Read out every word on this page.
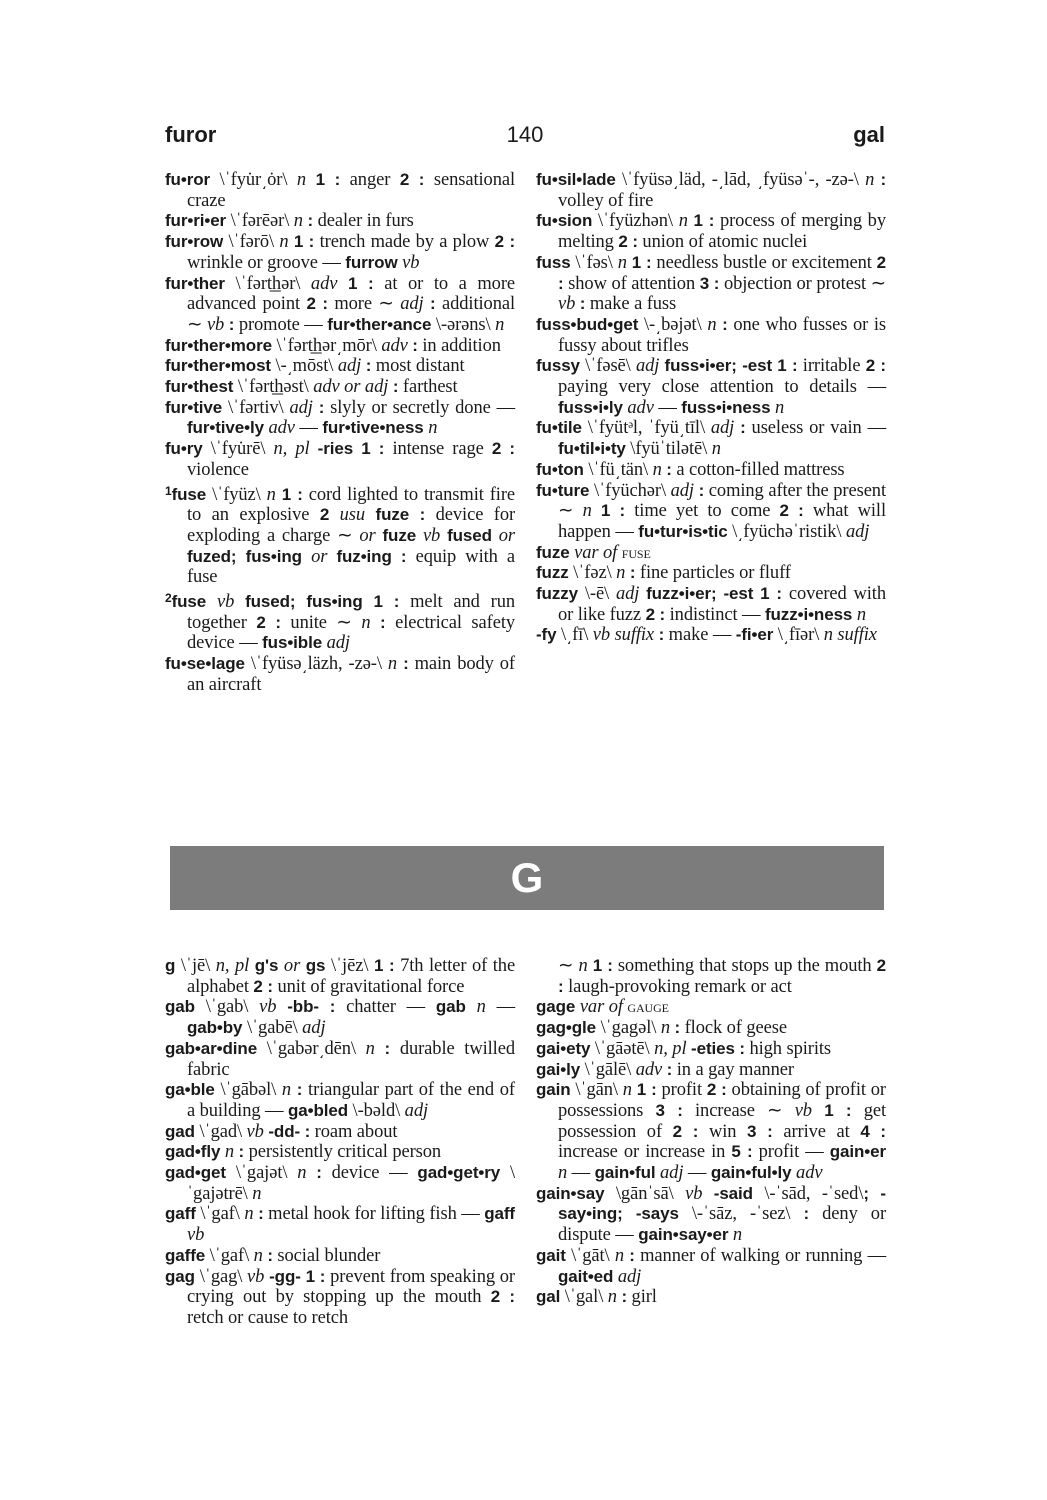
furor	140	gal

fu•ror \ˈfyu̇r͵ȯr\ n 1 : anger 2 : sensational craze

fur•ri•er \ˈfərēər\ n : dealer in furs

fur•row \ˈfərō\ n 1 : trench made by a plow 2 : wrinkle or groove — furrow vb

fur•ther \ˈfərt͟hər\ adv 1 : at or to a more advanced point 2 : more ∼ adj : additional ∼ vb : promote — fur•ther•ance \-ərəns\ n

fur•ther•more \ˈfərt͟hər͵mōr\ adv : in addition

fur•ther•most \-͵mōst\ adj : most distant

fur•thest \ˈfərt͟həst\ adv or adj : farthest

fur•tive \ˈfərtiv\ adj : slyly or secretly done — fur•tive•ly adv — fur•tive•ness n

fu•ry \ˈfyu̇rē\ n, pl -ries 1 : intense rage 2 : violence

$^1$fuse \ˈfyüz\ n 1 : cord lighted to transmit fire to an explosive 2 usu fuze : device for exploding a charge ∼ or fuze vb fused or fuzed; fus•ing or fuz•ing : equip with a fuse

$^2$fuse vb fused; fus•ing 1 : melt and run together 2 : unite ∼ n : electrical safety device — fus•ible adj

fu•se•lage \ˈfyüsə͵läzh, -zə-\ n : main body of an aircraft

fu•sil•lade \ˈfyüsə͵läd, -͵lād, ͵fyüsəˈ-, -zə-\ n : volley of fire

fu•sion \ˈfyüzhən\ n 1 : process of merging by melting 2 : union of atomic nuclei

fuss \ˈfəs\ n 1 : needless bustle or excitement 2 : show of attention 3 : objection or protest ∼ vb : make a fuss

fuss•bud•get \-͵bəjət\ n : one who fusses or is fussy about trifles

fussy \ˈfəsē\ adj fuss•i•er; -est 1 : irritable 2 : paying very close attention to details — fuss•i•ly adv — fuss•i•ness n

fu•tile \ˈfyütᵊl, ˈfyü͵tīl\ adj : useless or vain — fu•til•i•ty \fyüˈtilətē\ n

fu•ton \ˈfü͵tän\ n : a cotton-filled mattress

fu•ture \ˈfyüchər\ adj : coming after the present ∼ n 1 : time yet to come 2 : what will happen — fu•tur•is•tic \͵fyüchəˈristik\ adj

fuze var of fuse

fuzz \ˈfəz\ n : fine particles or fluff

fuzzy \-ē\ adj fuzz•i•er; -est 1 : covered with or like fuzz 2 : indistinct — fuzz•i•ness n

-fy \͵fī\ vb suffix : make — -fi•er \͵fīər\ n suffix

G

g \ˈjē\ n, pl g's or gs \ˈjēz\ 1 : 7th letter of the alphabet 2 : unit of gravitational force

gab \ˈgab\ vb -bb- : chatter — gab n — gab•by \ˈgabē\ adj

gab•ar•dine \ˈgabər͵dēn\ n : durable twilled fabric

ga•ble \ˈgābəl\ n : triangular part of the end of a building — ga•bled \-bəld\ adj

gad \ˈgad\ vb -dd- : roam about

gad•fly n : persistently critical person

gad•get \ˈgajət\ n : device — gad•get•ry \ˈgajətrē\ n

gaff \ˈgaf\ n : metal hook for lifting fish — gaff vb

gaffe \ˈgaf\ n : social blunder

gag \ˈgag\ vb -gg- 1 : prevent from speaking or crying out by stopping up the mouth 2 : retch or cause to retch

∼ n 1 : something that stops up the mouth 2 : laugh-provoking remark or act

gage var of gauge

gag•gle \ˈgagəl\ n : flock of geese

gai•ety \ˈgāətē\ n, pl -eties : high spirits

gai•ly \ˈgālē\ adv : in a gay manner

gain \ˈgān\ n 1 : profit 2 : obtaining of profit or possessions 3 : increase ∼ vb 1 : get possession of 2 : win 3 : arrive at 4 : increase or increase in 5 : profit — gain•er n — gain•ful adj — gain•ful•ly adv

gain•say \gānˈsā\ vb -said \-ˈsād, -ˈsed\; -say•ing; -says \-ˈsāz, -ˈsez\ : deny or dispute — gain•say•er n

gait \ˈgāt\ n : manner of walking or running — gait•ed adj

gal \ˈgal\ n : girl
